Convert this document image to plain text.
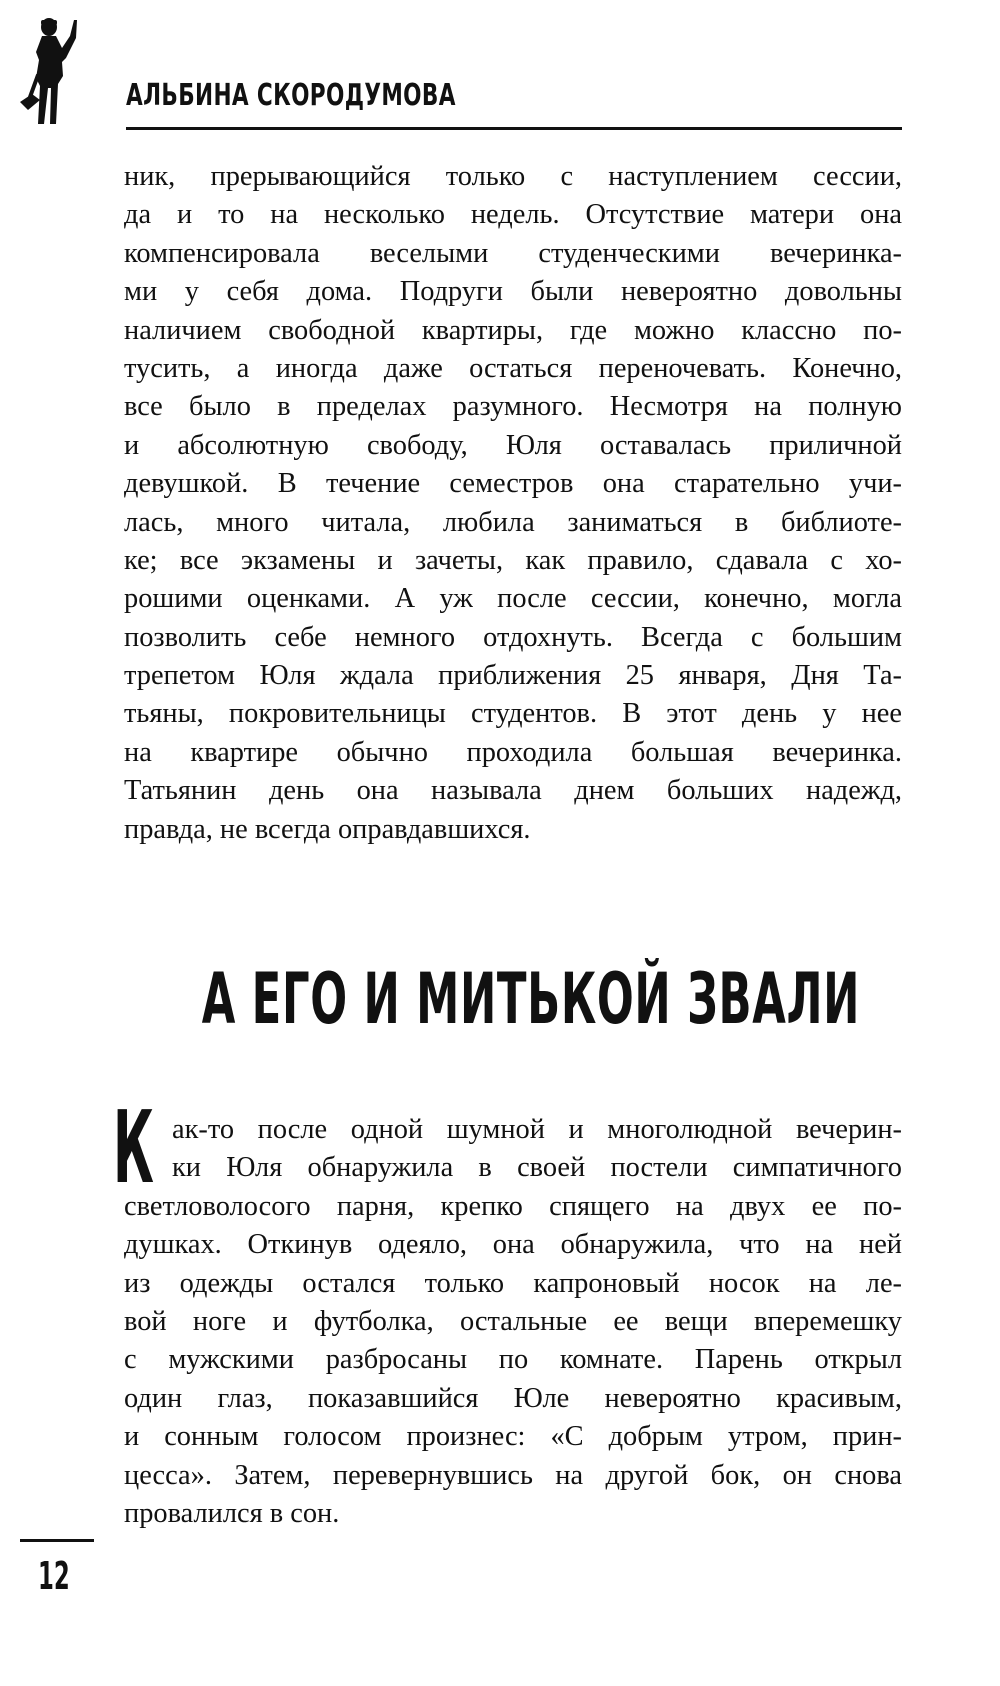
АЛЬБИНА СКОРОДУМОВА
ник, прерывающийся только с наступлением сессии,
да и то на несколько недель. Отсутствие матери она
компенсировала веселыми студенческими вечеринка-
ми у себя дома. Подруги были невероятно довольны
наличием свободной квартиры, где можно классно по-
тусить, а иногда даже остаться переночевать. Конечно,
все было в пределах разумного. Несмотря на полную
и абсолютную свободу, Юля оставалась приличной
девушкой. В течение семестров она старательно учи-
лась, много читала, любила заниматься в библиоте-
ке; все экзамены и зачеты, как правило, сдавала с хо-
рошими оценками. А уж после сессии, конечно, могла
позволить себе немного отдохнуть. Всегда с большим
трепетом Юля ждала приближения 25 января, Дня Та-
тьяны, покровительницы студентов. В этот день у нее
на квартире обычно проходила большая вечеринка.
Татьянин день она называла днем больших надежд,
правда, не всегда оправдавшихся.
А ЕГО И МИТЬКОЙ ЗВАЛИ
К ак-то после одной шумной и многолюдной вечерин-
ки Юля обнаружила в своей постели симпатичного
светловолосого парня, крепко спящего на двух ее по-
душках. Откинув одеяло, она обнаружила, что на ней
из одежды остался только капроновый носок на ле-
вой ноге и футболка, остальные ее вещи вперемешку
с мужскими разбросаны по комнате. Парень открыл
один глаз, показавшийся Юле невероятно красивым,
и сонным голосом произнес: «С добрым утром, прин-
цесса». Затем, перевернувшись на другой бок, он снова
провалился в сон.
12
